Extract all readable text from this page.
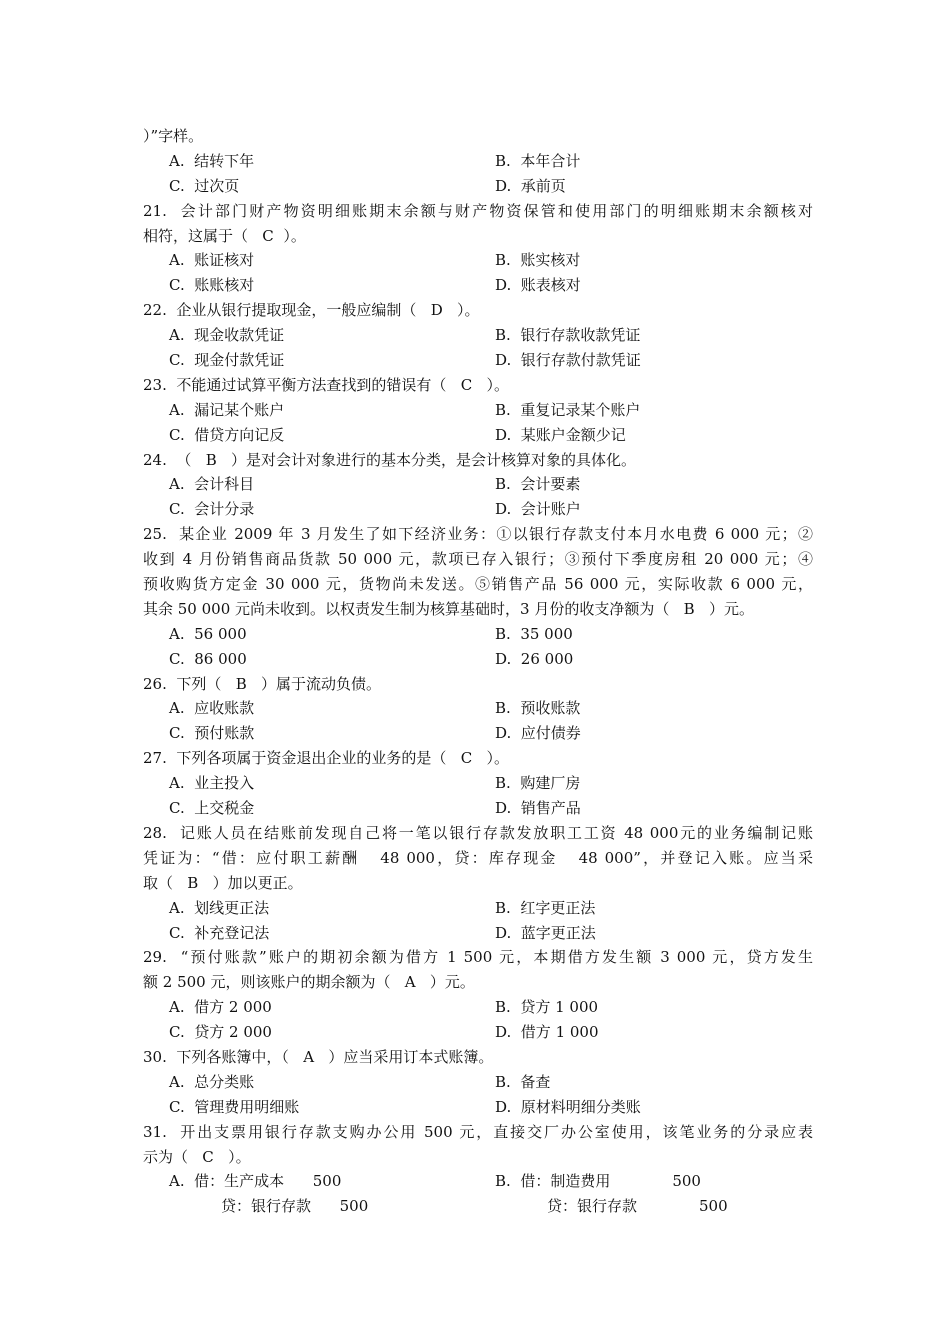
）”字样。
A.  结转下年	B.  本年合计
C.  过次页	D.  承前页
21.  会计部门财产物资明细账期末余额与财产物资保管和使用部门的明细账期末余额核对
相符，这属于（   C  ）。
A.  账证核对	B.  账实核对
C.  账账核对	D.  账表核对
22.  企业从银行提取现金，一般应编制（   D   ）。
A.  现金收款凭证	B.  银行存款收款凭证
C.  现金付款凭证	D.  银行存款付款凭证
23.  不能通过试算平衡方法查找到的错误有（   C   ）。
A.  漏记某个账户	B.  重复记录某个账户
C.  借贷方向记反	D.  某账户金额少记
24.  （   B   ）是对会计对象进行的基本分类，是会计核算对象的具体化。
A.  会计科目	B.  会计要素
C.  会计分录	D.  会计账户
25.  某企业 2009 年 3 月发生了如下经济业务：①以银行存款支付本月水电费 6 000 元；②
收到 4 月份销售商品货款 50 000 元，款项已存入银行；③预付下季度房租 20 000 元；④
预收购货方定金 30 000 元，货物尚未发送。⑤销售产品 56 000 元，实际收款 6 000 元，
其余 50 000 元尚未收到。以权责发生制为核算基础时，3 月份的收支净额为（   B   ）元。
A.  56 000	B.  35 000
C.  86 000	D.  26 000
26.  下列（   B   ）属于流动负债。
A.  应收账款	B.  预收账款
C.  预付账款	D.  应付债券
27.  下列各项属于资金退出企业的业务的是（   C   ）。
A.  业主投入	B.  购建厂房
C.  上交税金	D.  销售产品
28.  记账人员在结账前发现自己将一笔以银行存款发放职工工资 48 000元的业务编制记账
凭证为：“借：应付职工薪酬   48 000，贷：库存现金   48 000”，并登记入账。应当采
取（   B   ）加以更正。
A.  划线更正法	B.  红字更正法
C.  补充登记法	D.  蓝字更正法
29.  “预付账款”账户的期初余额为借方 1 500 元，本期借方发生额 3 000 元，贷方发生
额 2 500 元，则该账户的期余额为（   A   ）元。
A.  借方 2 000	B.  贷方 1 000
C.  贷方 2 000	D.  借方 1 000
30.  下列各账簿中，（   A   ）应当采用订本式账簿。
A.  总分类账	B.  备查
C.  管理费用明细账	D.  原材料明细分类账
31.  开出支票用银行存款支购办公用 500 元，直接交厂办公室使用，该笔业务的分录应表
示为（   C   ）。
A.  借：生产成本      500	B.  借：制造费用             500
贷：银行存款      500	贷：银行存款             500
